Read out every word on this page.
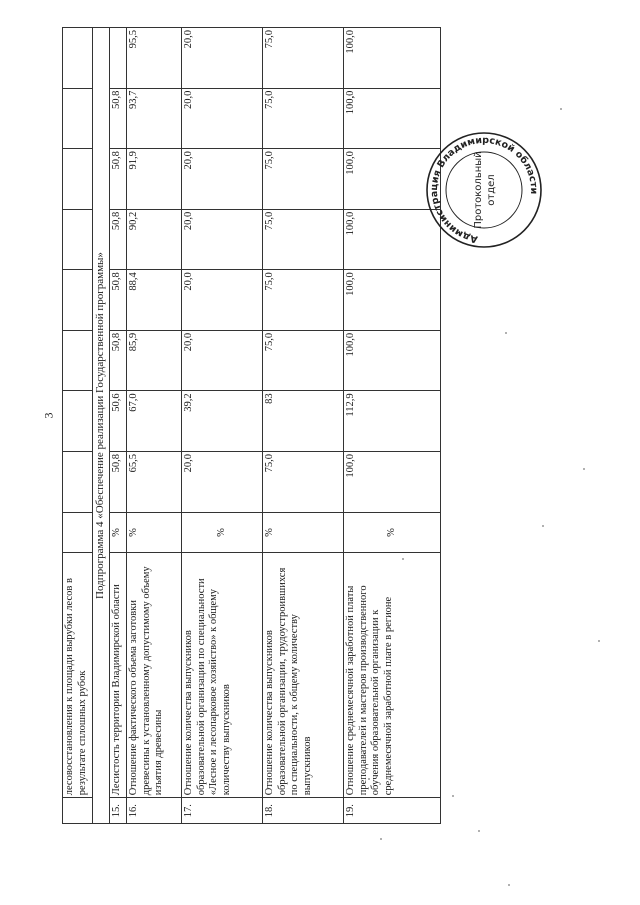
3
	лесовосстановления к площади вырубки лесов в результате сплошных рубок									
Подпрограмма 4 «Обеспечение реализации Государственной программы»										
15.	Лесистость территории Владимирской области	%	50,8	50,6	50,8	50,8	50,8	50,8	50,8	
16.	Отношение фактического объема заготовки древесины к установленному допустимому объему изъятия древесины	%	65,5	67,0	85,9	88,4	90,2	91,9	93,7	95,5
17.	Отношение количества выпускников образовательной организации по специальности «Лесное и лесопарковое хозяйство» к общему количеству выпускников	%	20,0	39,2	20,0	20,0	20,0	20,0	20,0	20,0
18.	Отношение количества выпускников образовательной организации, трудоустроившихся по специальности, к общему количеству выпускников	%	75,0	83	75,0	75,0	75,0	75,0	75,0	75,0
19.	Отношение среднемесячной заработной платы преподавателей и мастеров производственного обучения образовательной организации к среднемесячной заработной плате в регионе	%	100,0	112,9	100,0	100,0	100,0	100,0	100,0	100,0
Администрация Владимирской области
Протокольный отдел
